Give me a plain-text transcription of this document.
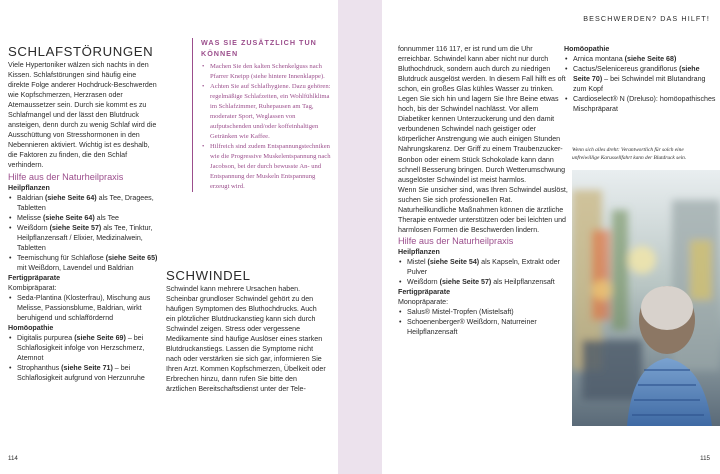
SCHLAFSTÖRUNGEN

Viele Hypertoniker wälzen sich nachts in den Kissen. Schlafstörungen sind häufig eine direkte Folge anderer Hochdruck-Beschwerden wie Kopfschmerzen, Herzrasen oder Atemaussetzer sein. Durch sie kommt es zu Schlafmangel und der lässt den Blutdruck ansteigen, denn durch zu wenig Schlaf wird die Ausschüttung von Stresshormonen in den Nebennieren aktiviert. Wichtig ist es deshalb, die Faktoren zu finden, die den Schlaf verhindern.

Hilfe aus der Naturheilpraxis

Heilpflanzen

• Baldrian (siehe Seite 64) als Tee, Dragees, Tabletten
• Melisse (siehe Seite 64) als Tee
• Weißdorn (siehe Seite 57) als Tee, Tinktur, Heilpflanzensaft / Elixier, Medizinalwein, Tabletten
• Teemischung für Schlaflose (siehe Seite 65) mit Weißdorn, Lavendel und Baldrian

Fertigpräparate

Kombipräparat:

• Seda-Plantina (Klosterfrau), Mischung aus Melisse, Passionsblume, Baldrian, wirkt beruhigend und schlaffördernd

Homöopathie

• Digitalis purpurea (siehe Seite 69) – bei Schlaflosigkeit infolge von Herzschmerz, Atemnot
• Strophanthus (siehe Seite 71) – bei Schlaflosigkeit aufgrund von Herzunruhe
WAS SIE ZUSÄTZLICH TUN KÖNNEN
• Machen Sie den kalten Schenkelguss nach Pfarrer Kneipp (siehe hintere Innenklappe).
• Achten Sie auf Schlafhygiene. Dazu gehören: regelmäßige Schlafzeiten, ein Wohlfühlklima im Schlafzimmer, Ruhepausen am Tag, moderater Sport, Weglassen von aufputschenden und/oder koffeinhaltigen Getränken wie Kaffee.
• Hilfreich sind zudem Entspannungstechniken wie die Progressive Muskelentspannung nach Jacobson, bei der durch bewusste An- und Entspannung der Muskeln Entspannung erzeugt wird.

SCHWINDEL

Schwindel kann mehrere Ursachen haben. Scheinbar grundloser Schwindel gehört zu den häufigen Symptomen des Bluthochdrucks. Auch ein plötzlicher Blutdruckanstieg kann sich durch Schwindel zeigen. Stress oder vergessene Medikamente sind häufige Auslöser eines starken Blutdruckanstiegs. Lassen die Symptome nicht nach oder verstärken sie sich gar, informieren Sie Ihren Arzt. Kommen Kopfschmerzen, Übelkeit oder Erbrechen hinzu, dann rufen Sie bitte den ärztlichen Bereitschaftsdienst unter der Tele-

114

fonnummer 116 117, er ist rund um die Uhr erreichbar. Schwindel kann aber nicht nur durch Bluthochdruck, sondern auch durch zu niedrigen Blutdruck ausgelöst werden. In diesem Fall hilft es oft schon, ein großes Glas kühles Wasser zu trinken. Legen Sie sich hin und lagern Sie Ihre Beine etwas hoch, bis der Schwindel nachlässt. Vor allem Diabetiker kennen Unterzuckerung und den damit verbundenen Schwindel nach geistiger oder körperlicher Anstrengung wie auch einigen Stunden Nahrungskarenz. Der Griff zu einem Traubenzucker-Bonbon oder einem Stück Schokolade kann dann schnell Besserung bringen. Durch Wetterumschwung ausgelöster Schwindel ist meist harmlos.

Wenn Sie unsicher sind, was Ihren Schwindel auslöst, suchen Sie sich professionellen Rat. Naturheilkundliche Maßnahmen können die ärztliche Therapie entweder unterstützen oder bei leichten und harmlosen Formen die Beschwerden lindern.

Hilfe aus der Naturheilpraxis

Heilpflanzen

• Mistel (siehe Seite 54) als Kapseln, Extrakt oder Pulver
• Weißdorn (siehe Seite 57) als Heilpflanzensaft

Fertigpräparate

Monopräparate:

• Salus® Mistel-Tropfen (Mistelsaft)
• Schoenenberger® Weißdorn, Naturreiner Heilpflanzensaft

Homöopathie

• Arnica montana (siehe Seite 68)
• Cactus/Selenicereus grandiflorus (siehe Seite 70) – bei Schwindel mit Blutandrang zum Kopf
• Cardioselect® N (Dreluso): homöopathisches Mischpräparat
115
BESCHWERDEN? DAS HILFT!
Wenn sich alles dreht: Verantwortlich für solch eine unfreiwillige Karussellfahrt kann der Blutdruck sein.
